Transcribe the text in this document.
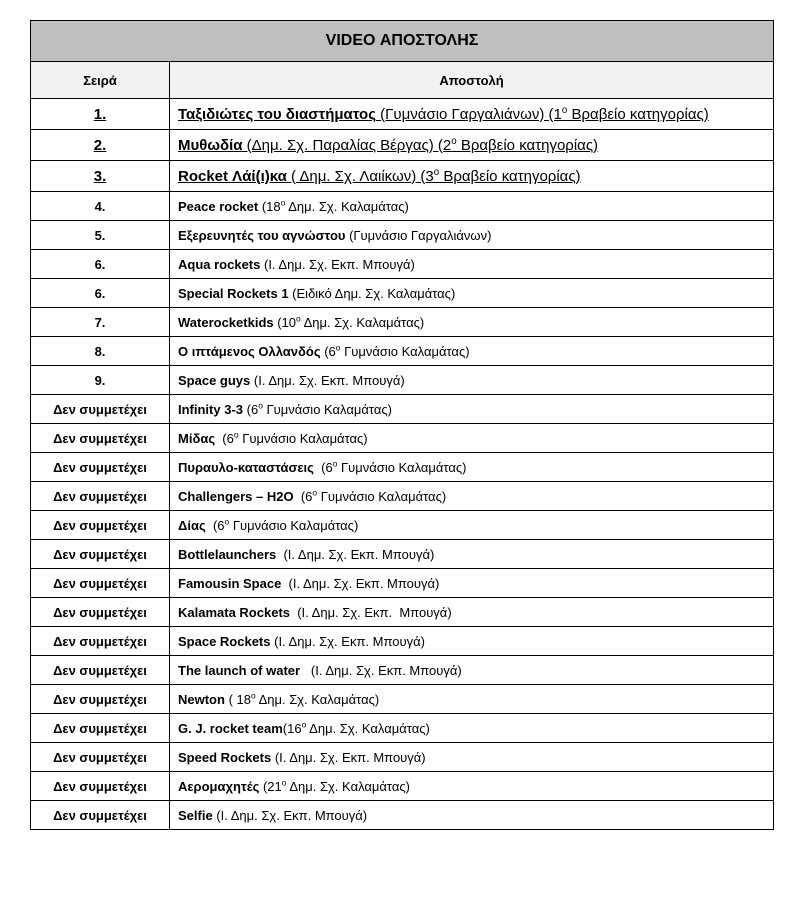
VIDEO ΑΠΟΣΤΟΛΗΣ	
Σειρά	Αποστολή
1.	Ταξιδιώτες του διαστήματος (Γυμνάσιο Γαργαλιάνων) ($1^o$ Βραβείο κατηγορίας)
2.	Μυθωδία (Δημ. Σχ. Παραλίας Βέργας) ($2^o$ Βραβείο κατηγορίας)
3.	Rocket Λάί(ι)κα ( Δημ. Σχ. Λαιίκων) ($3^o$ Βραβείο κατηγορίας)
4.	Peace rocket ($18^o$ Δημ. Σχ. Καλαμάτας)
5.	Εξερευνητές του αγνώστου (Γυμνάσιο Γαργαλιάνων)
6.	Aqua rockets (Ι. Δημ. Σχ. Εκπ. Μπουγά)
6.	Special Rockets 1 (Ειδικό Δημ. Σχ. Καλαμάτας)
7.	Waterocketkids ($10^o$ Δημ. Σχ. Καλαμάτας)
8.	Ο ιπτάμενος Ολλανδός ($6^o$ Γυμνάσιο Καλαμάτας)
9.	Space guys (Ι. Δημ. Σχ. Εκπ. Μπουγά)
Δεν συμμετέχει	Infinity 3-3 ($6^o$ Γυμνάσιο Καλαμάτας)
Δεν συμμετέχει	Μίδας  ($6^o$ Γυμνάσιο Καλαμάτας)
Δεν συμμετέχει	Πυραυλο-καταστάσεις  ($6^o$ Γυμνάσιο Καλαμάτας)
Δεν συμμετέχει	Challengers – H2O  ($6^o$ Γυμνάσιο Καλαμάτας)
Δεν συμμετέχει	Δίας  ($6^o$ Γυμνάσιο Καλαμάτας)
Δεν συμμετέχει	Bottlelaunchers  (Ι. Δημ. Σχ. Εκπ. Μπουγά)
Δεν συμμετέχει	Famousin Space  (Ι. Δημ. Σχ. Εκπ. Μπουγά)
Δεν συμμετέχει	Kalamata Rockets  (Ι. Δημ. Σχ. Εκπ.  Μπουγά)
Δεν συμμετέχει	Space Rockets (Ι. Δημ. Σχ. Εκπ. Μπουγά)
Δεν συμμετέχει	The launch of water   (Ι. Δημ. Σχ. Εκπ. Μπουγά)
Δεν συμμετέχει	Newton ( $18^o$ Δημ. Σχ. Καλαμάτας)
Δεν συμμετέχει	G. J. rocket $team(16^o$ Δημ. Σχ. Καλαμάτας)
Δεν συμμετέχει	Speed Rockets (Ι. Δημ. Σχ. Εκπ. Μπουγά)
Δεν συμμετέχει	Αερομαχητές ($21^o$ Δημ. Σχ. Καλαμάτας)
Δεν συμμετέχει	Selfie (Ι. Δημ. Σχ. Εκπ. Μπουγά)
